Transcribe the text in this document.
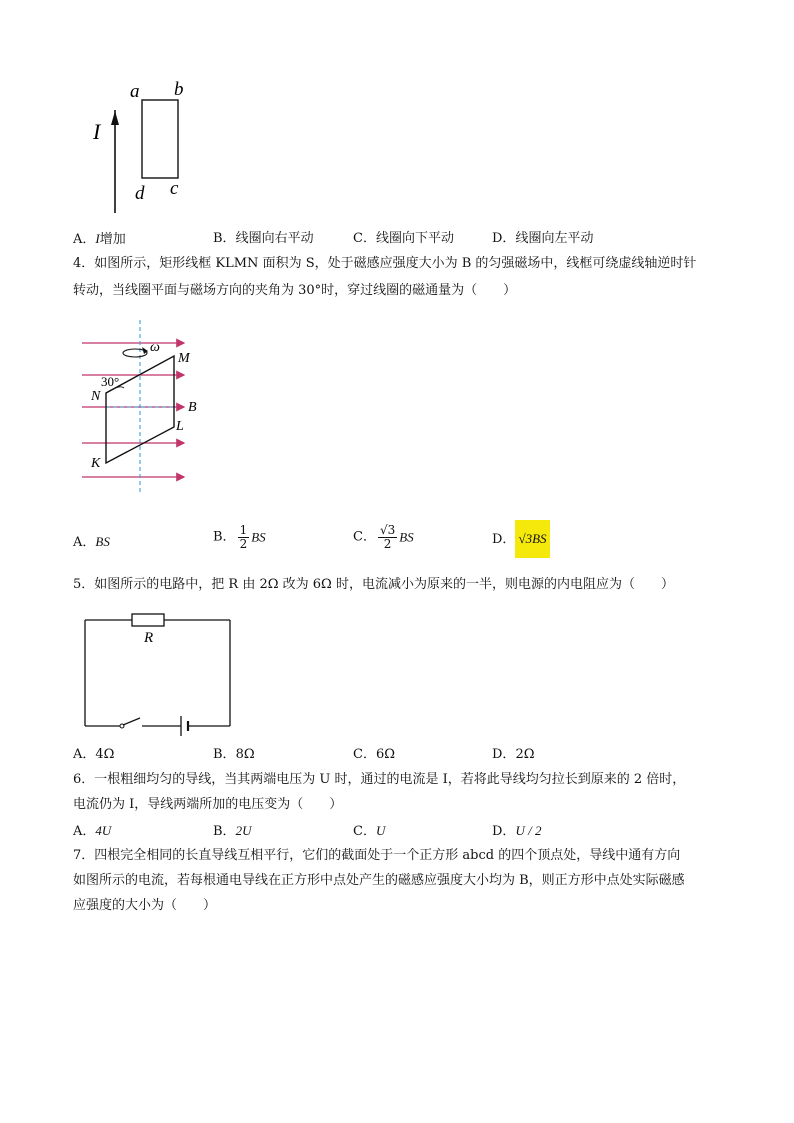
I
a b
c
d
A．I增加	B．线圈向右平动	C．线圈向下平动	D．线圈向左平动
4．如图所示，矩形线框 KLMN 面积为 S，处于磁感应强度大小为 B 的匀强磁场中，线框可绕虚线轴逆时针
转动，当线圈平面与磁场方向的夹角为 30°时，穿过线圈的磁通量为（　　）
ω
M
N
30°
B
L
K
A．BS	B． $\frac{1}{2}$ BS	C． $\frac{√3}{2}$ BS	D． √3BS
5．如图所示的电路中，把 R 由 2Ω 改为 6Ω 时，电流减小为原来的一半，则电源的内电阻应为（　　）
R
A．4Ω	B．8Ω	C．6Ω	D．2Ω
6．一根粗细均匀的导线，当其两端电压为 U 时，通过的电流是 I，若将此导线均匀拉长到原来的 2 倍时，
电流仍为 I，导线两端所加的电压变为（　　）
A．4U	B．2U	C．U	D．U / 2
7．四根完全相同的长直导线互相平行，它们的截面处于一个正方形 abcd 的四个顶点处，导线中通有方向
如图所示的电流，若每根通电导线在正方形中点处产生的磁感应强度大小均为 B，则正方形中点处实际磁感
应强度的大小为（　　）
